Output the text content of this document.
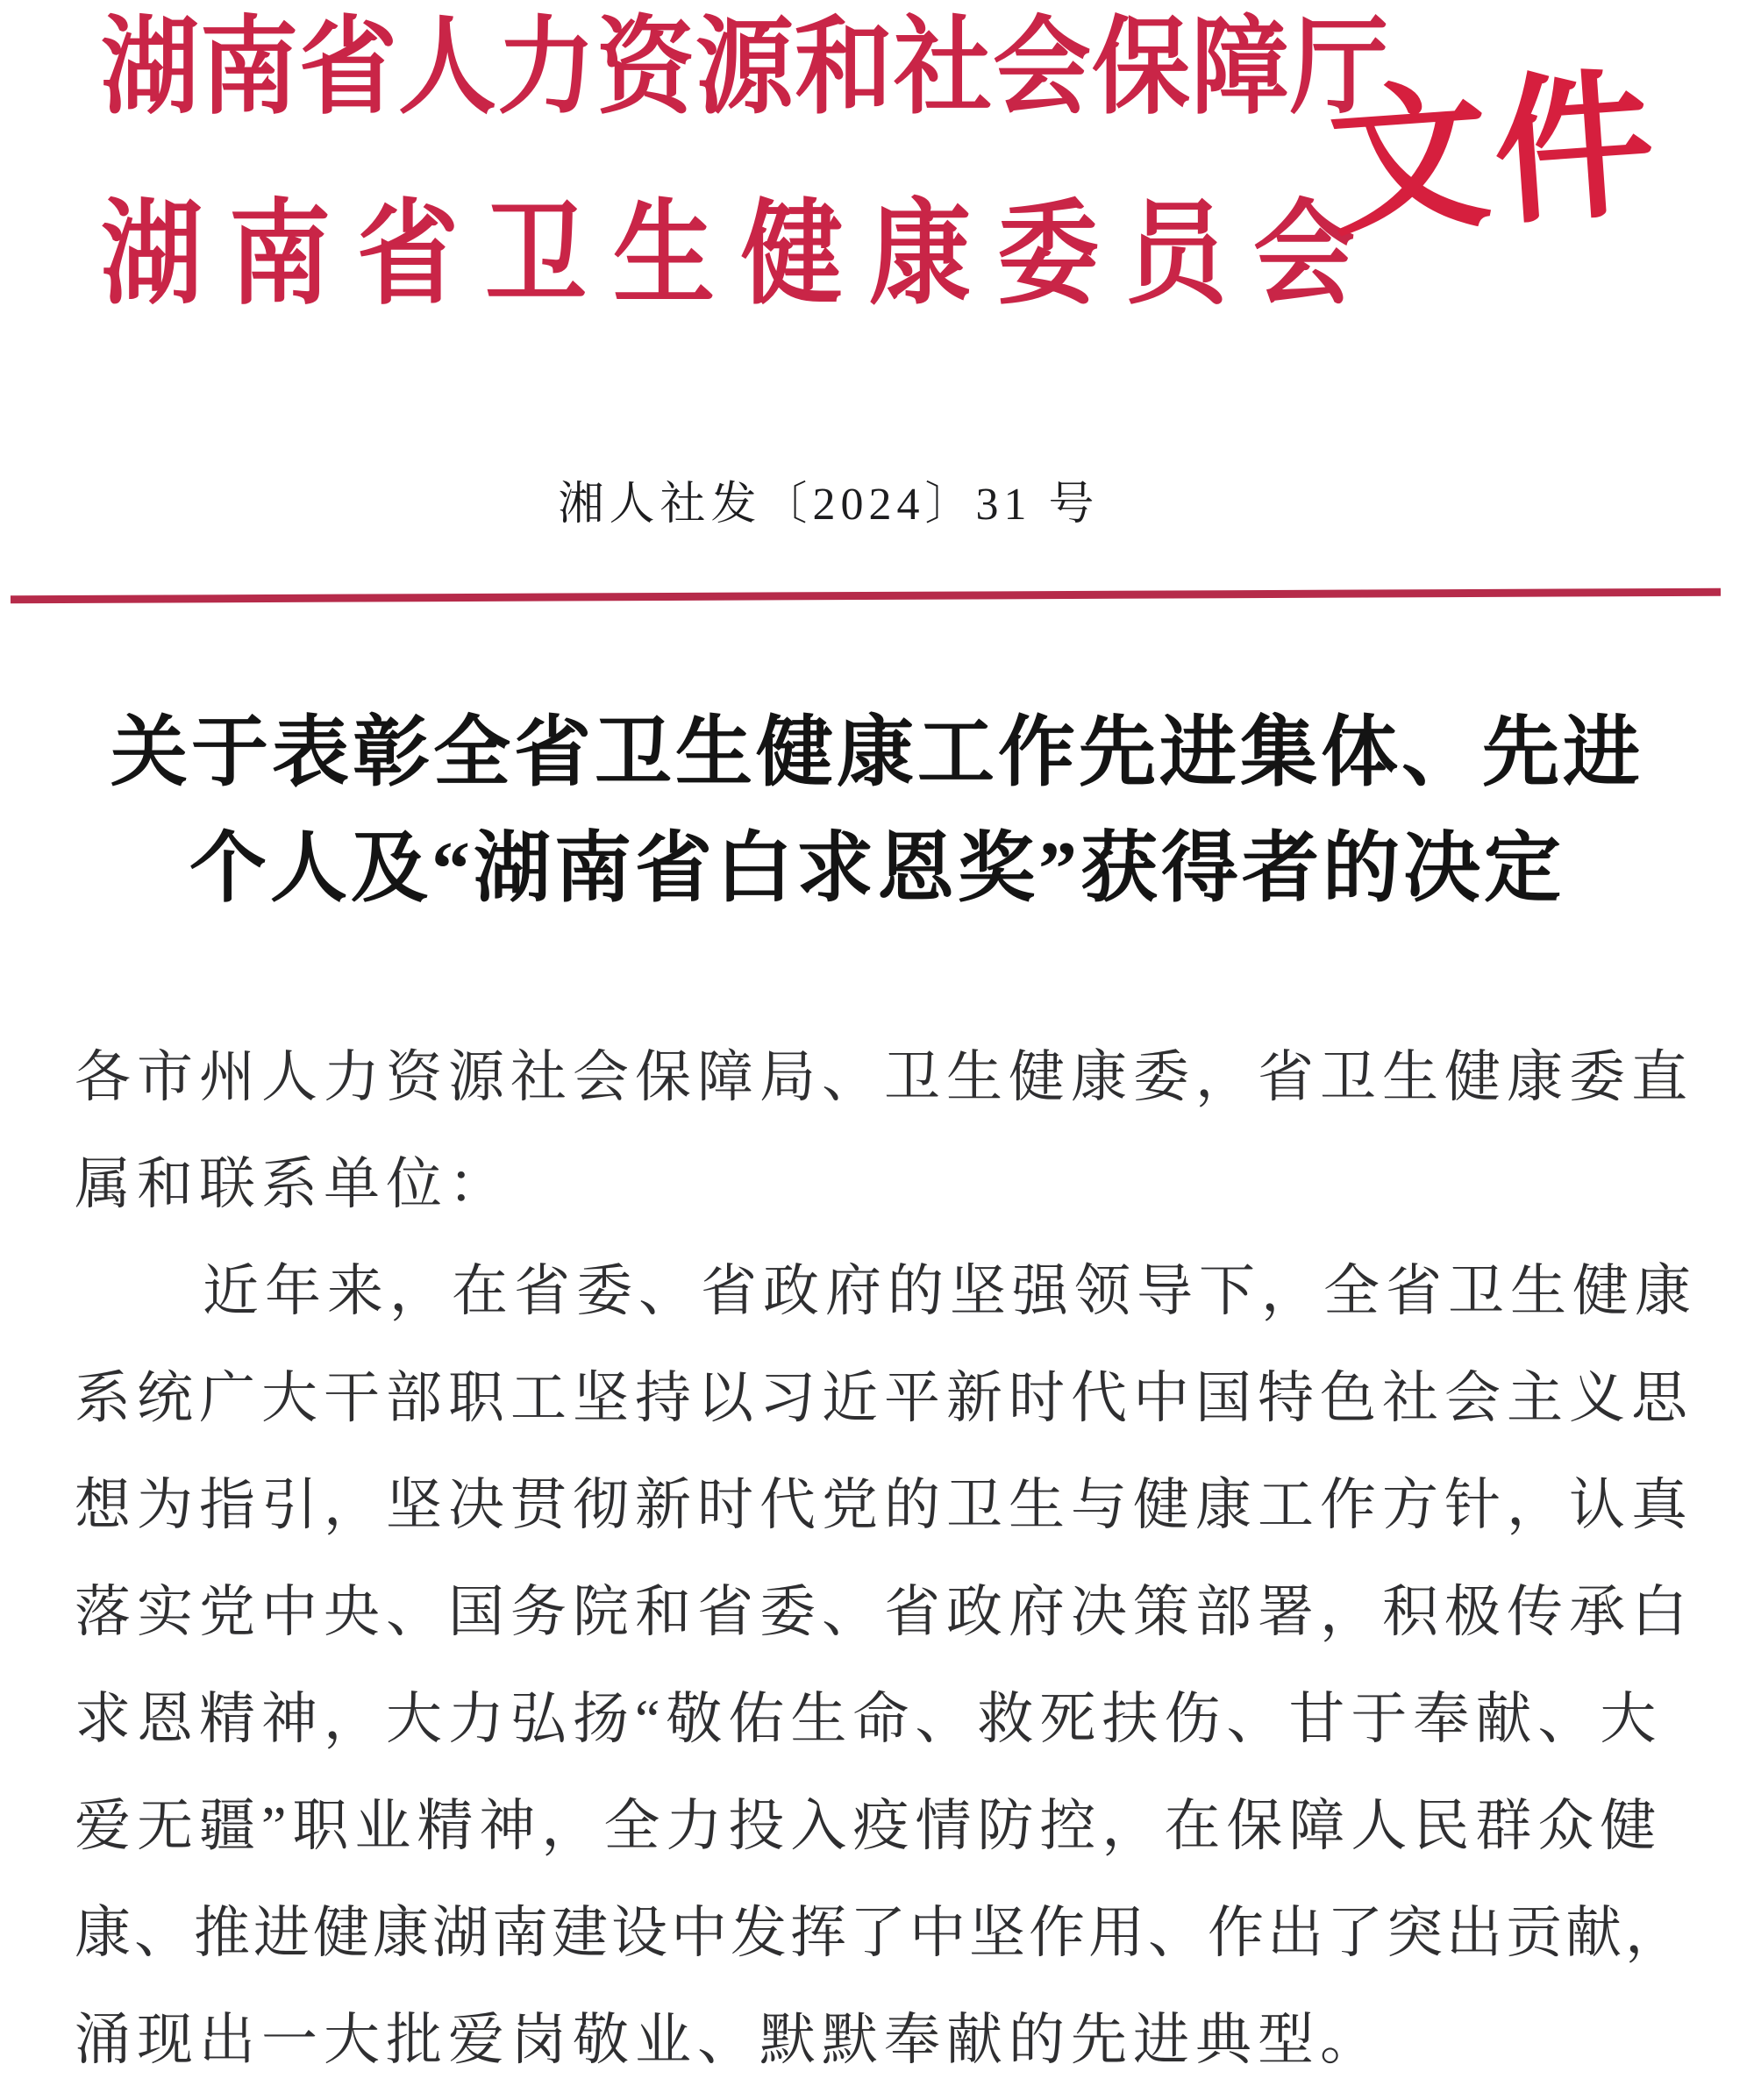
湖南省人力资源和社会保障厅
湖南省卫生健康委员会
文件
湘人社发〔2024〕31 号
关于表彰全省卫生健康工作先进集体、先进
个人及“湖南省白求恩奖”获得者的决定

各市州人力资源社会保障局、卫生健康委，省卫生健康委直

属和联系单位：

近年来，在省委、省政府的坚强领导下，全省卫生健康

系统广大干部职工坚持以习近平新时代中国特色社会主义思

想为指引，坚决贯彻新时代党的卫生与健康工作方针，认真

落实党中央、国务院和省委、省政府决策部署，积极传承白

求恩精神，大力弘扬“敬佑生命、救死扶伤、甘于奉献、大

爱无疆”职业精神，全力投入疫情防控，在保障人民群众健

康、推进健康湖南建设中发挥了中坚作用、作出了突出贡献，

涌现出一大批爱岗敬业、默默奉献的先进典型。
